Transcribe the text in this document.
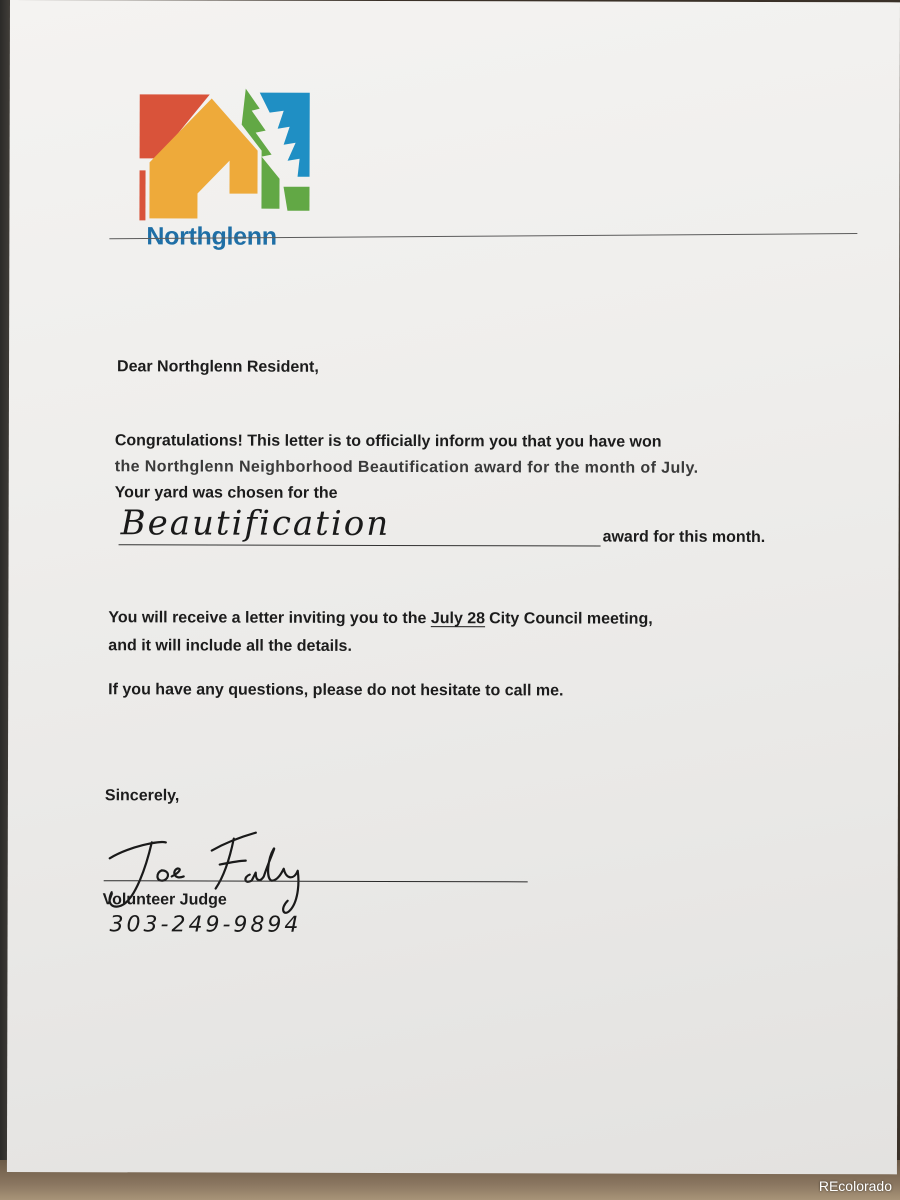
Northglenn
Dear Northglenn Resident,
Congratulations! This letter is to officially inform you that you have won
the Northglenn Neighborhood Beautification award for the month of July.
Your yard was chosen for the
Beautification	award for this month.
You will receive a letter inviting you to the July 28 City Council meeting,
and it will include all the details.
If you have any questions, please do not hesitate to call me.
Sincerely,
Volunteer Judge
303-249-9894
REcolorado
